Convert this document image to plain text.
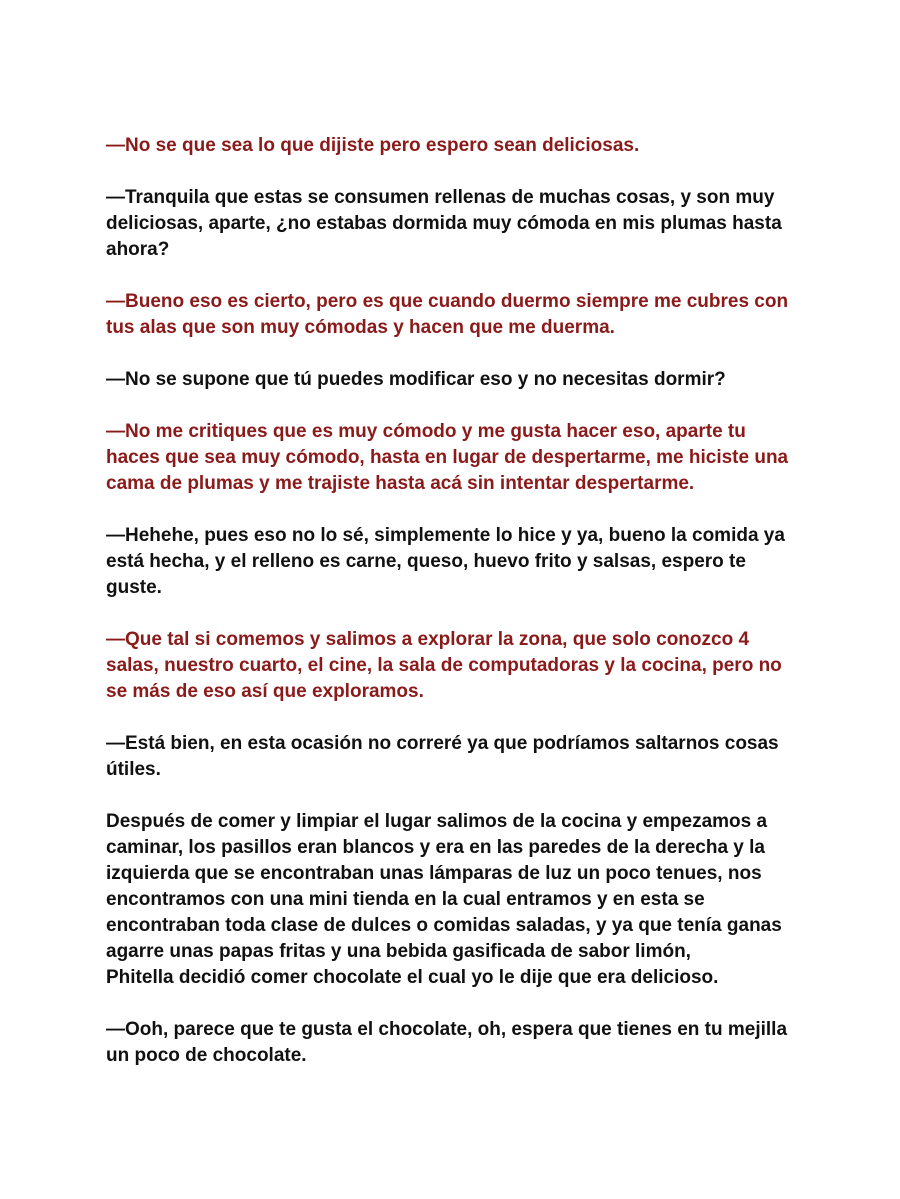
—No se que sea lo que dijiste pero espero sean deliciosas.

—Tranquila que estas se consumen rellenas de muchas cosas, y son muy
deliciosas, aparte, ¿no estabas dormida muy cómoda en mis plumas hasta
ahora?

—Bueno eso es cierto, pero es que cuando duermo siempre me cubres con
tus alas que son muy cómodas y hacen que me duerma.

—No se supone que tú puedes modificar eso y no necesitas dormir?

—No me critiques que es muy cómodo y me gusta hacer eso, aparte tu
haces que sea muy cómodo, hasta en lugar de despertarme, me hiciste una
cama de plumas y me trajiste hasta acá sin intentar despertarme.

—Hehehe, pues eso no lo sé, simplemente lo hice y ya, bueno la comida ya
está hecha, y el relleno es carne, queso, huevo frito y salsas, espero te
guste.

—Que tal si comemos y salimos a explorar la zona, que solo conozco 4
salas, nuestro cuarto, el cine, la sala de computadoras y la cocina, pero no
se más de eso así que exploramos.

—Está bien, en esta ocasión no correré ya que podríamos saltarnos cosas
útiles.

Después de comer y limpiar el lugar salimos de la cocina y empezamos a
caminar, los pasillos eran blancos y era en las paredes de la derecha y la
izquierda que se encontraban unas lámparas de luz un poco tenues, nos
encontramos con una mini tienda en la cual entramos y en esta se
encontraban toda clase de dulces o comidas saladas, y ya que tenía ganas
agarre unas papas fritas y una bebida gasificada de sabor limón,
Phitella decidió comer chocolate el cual yo le dije que era delicioso.

—Ooh, parece que te gusta el chocolate, oh, espera que tienes en tu mejilla
un poco de chocolate.
